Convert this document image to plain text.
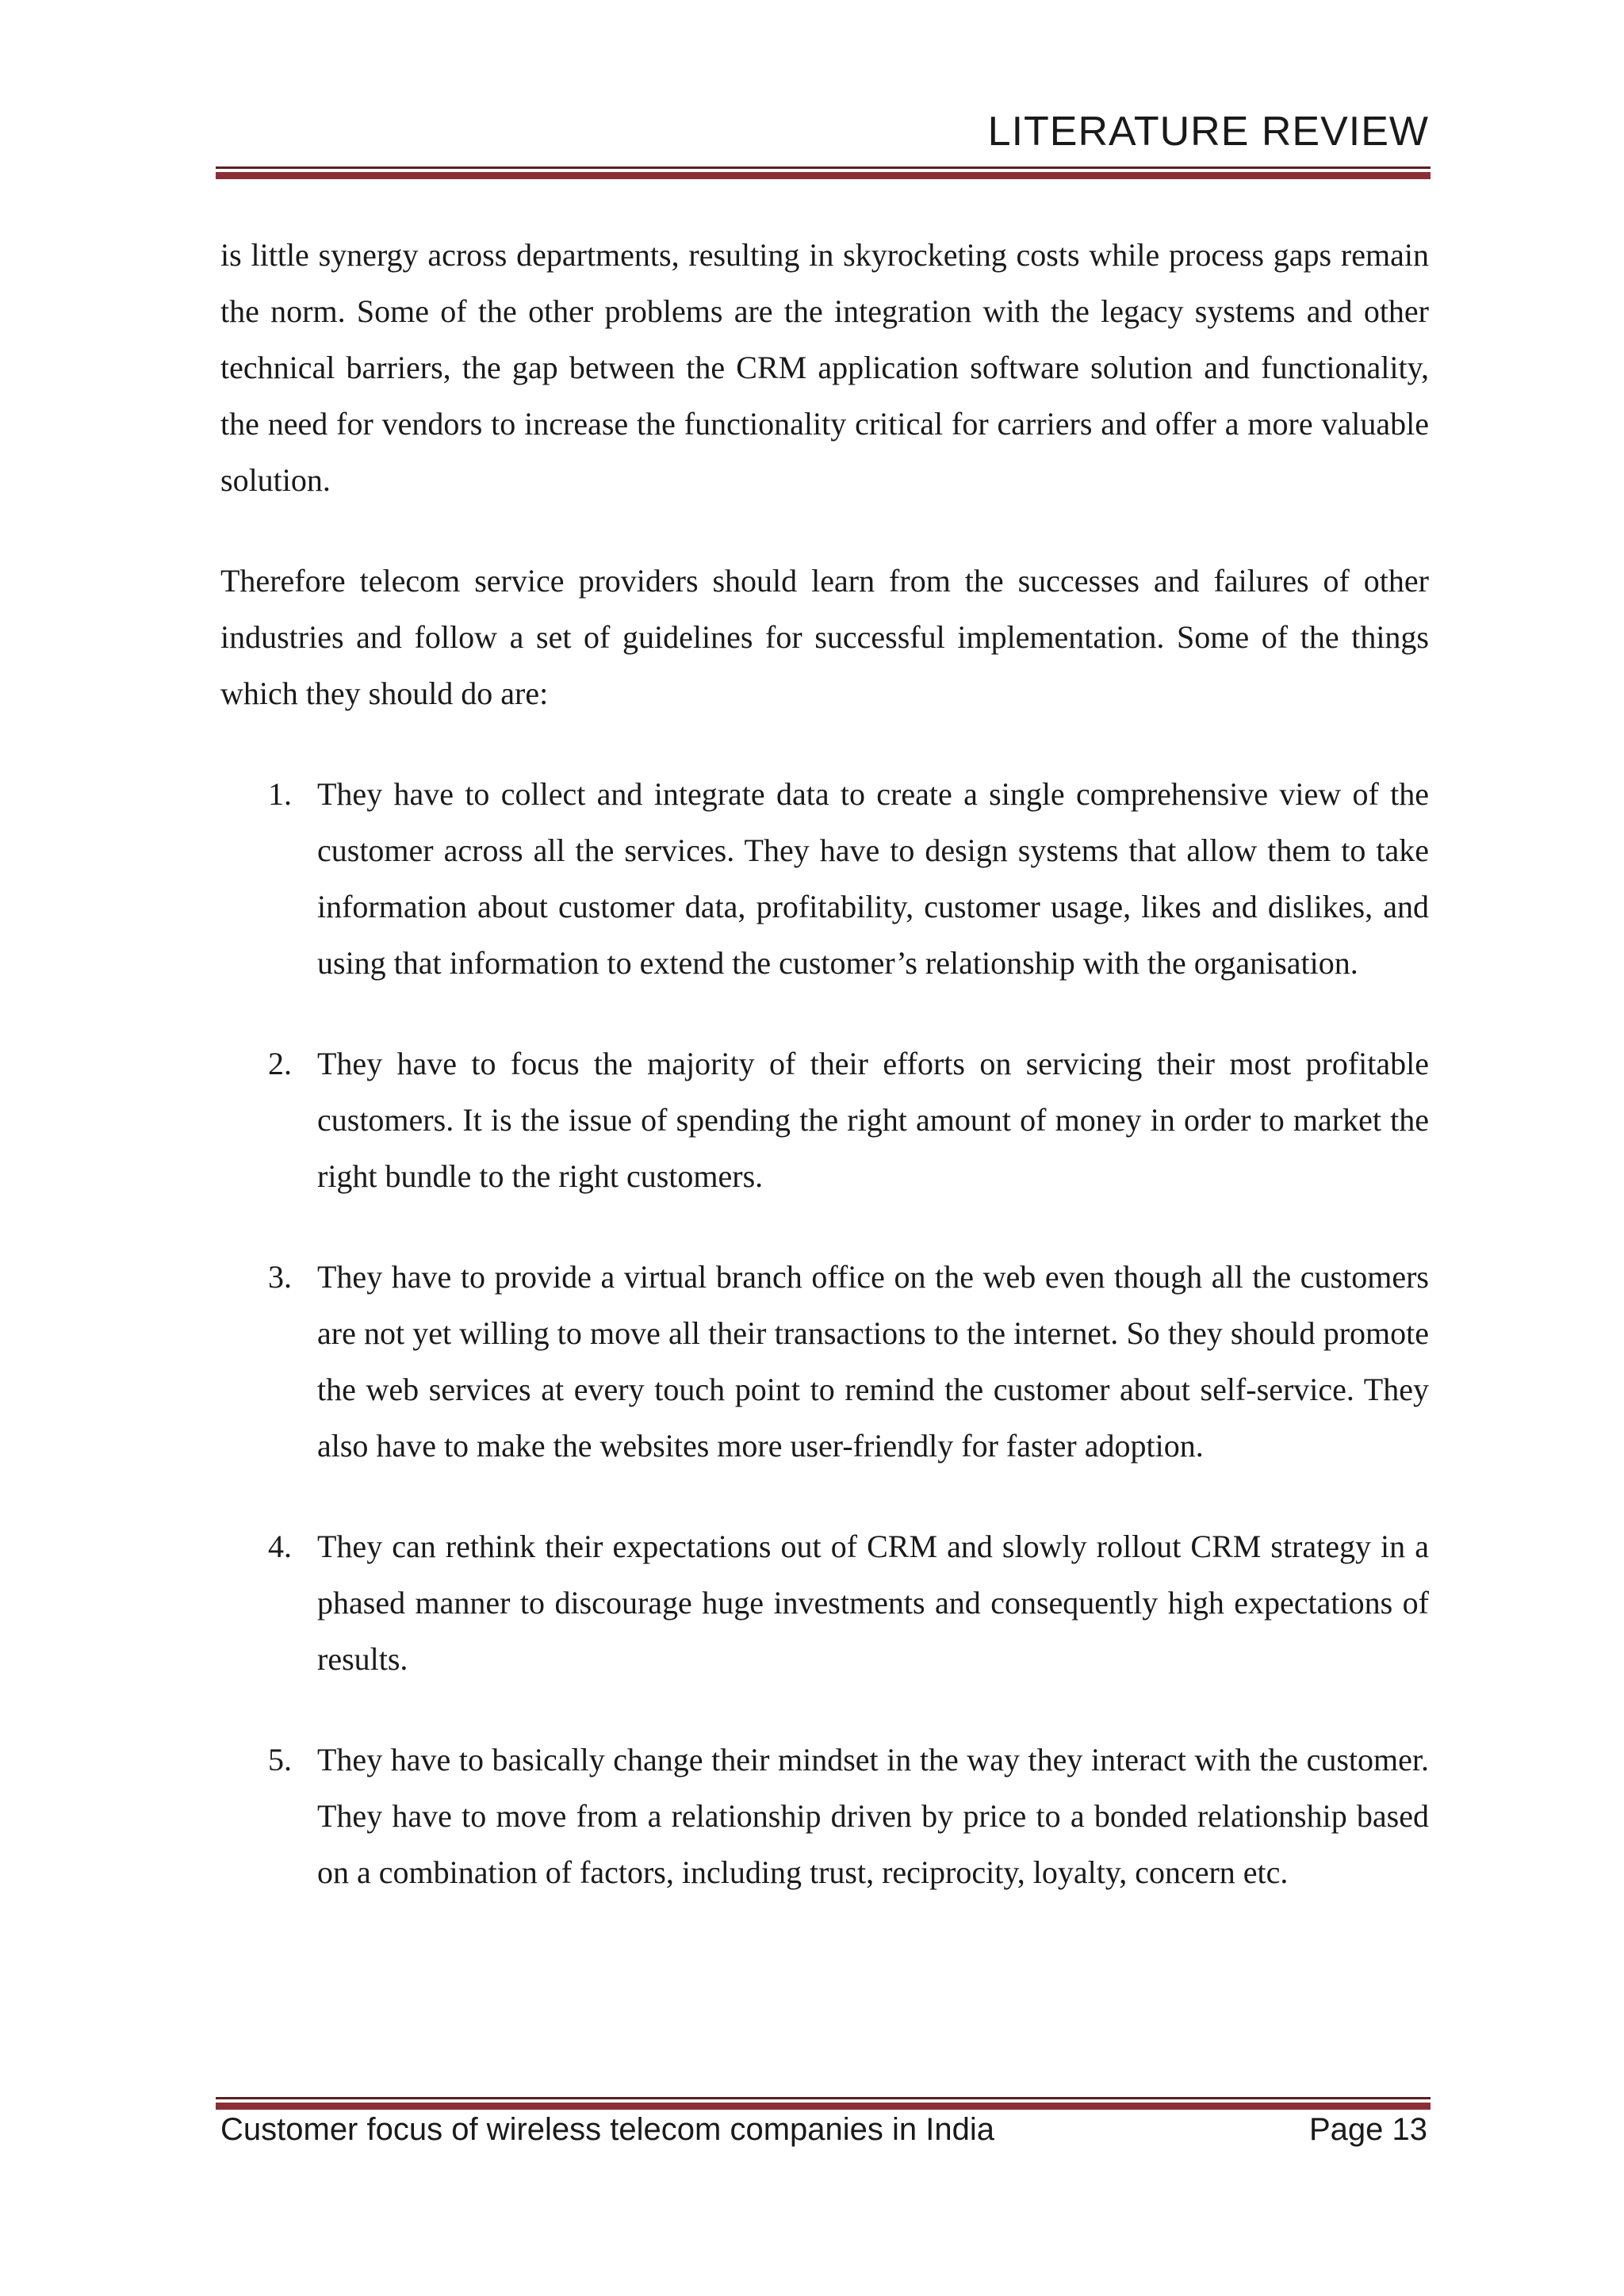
LITERATURE REVIEW

is little synergy across departments, resulting in skyrocketing costs while process gaps remain the norm. Some of the other problems are the integration with the legacy systems and other technical barriers, the gap between the CRM application software solution and functionality, the need for vendors to increase the functionality critical for carriers and offer a more valuable solution.

Therefore telecom service providers should learn from the successes and failures of other industries and follow a set of guidelines for successful implementation. Some of the things which they should do are:

1. They have to collect and integrate data to create a single comprehensive view of the customer across all the services. They have to design systems that allow them to take information about customer data, profitability, customer usage, likes and dislikes, and using that information to extend the customer’s relationship with the organisation.
2. They have to focus the majority of their efforts on servicing their most profitable customers. It is the issue of spending the right amount of money in order to market the right bundle to the right customers.
3. They have to provide a virtual branch office on the web even though all the customers are not yet willing to move all their transactions to the internet. So they should promote the web services at every touch point to remind the customer about self-service. They also have to make the websites more user-friendly for faster adoption.
4. They can rethink their expectations out of CRM and slowly rollout CRM strategy in a phased manner to discourage huge investments and consequently high expectations of results.
5. They have to basically change their mindset in the way they interact with the customer. They have to move from a relationship driven by price to a bonded relationship based on a combination of factors, including trust, reciprocity, loyalty, concern etc.
Customer focus of wireless telecom companies in India	Page 13
